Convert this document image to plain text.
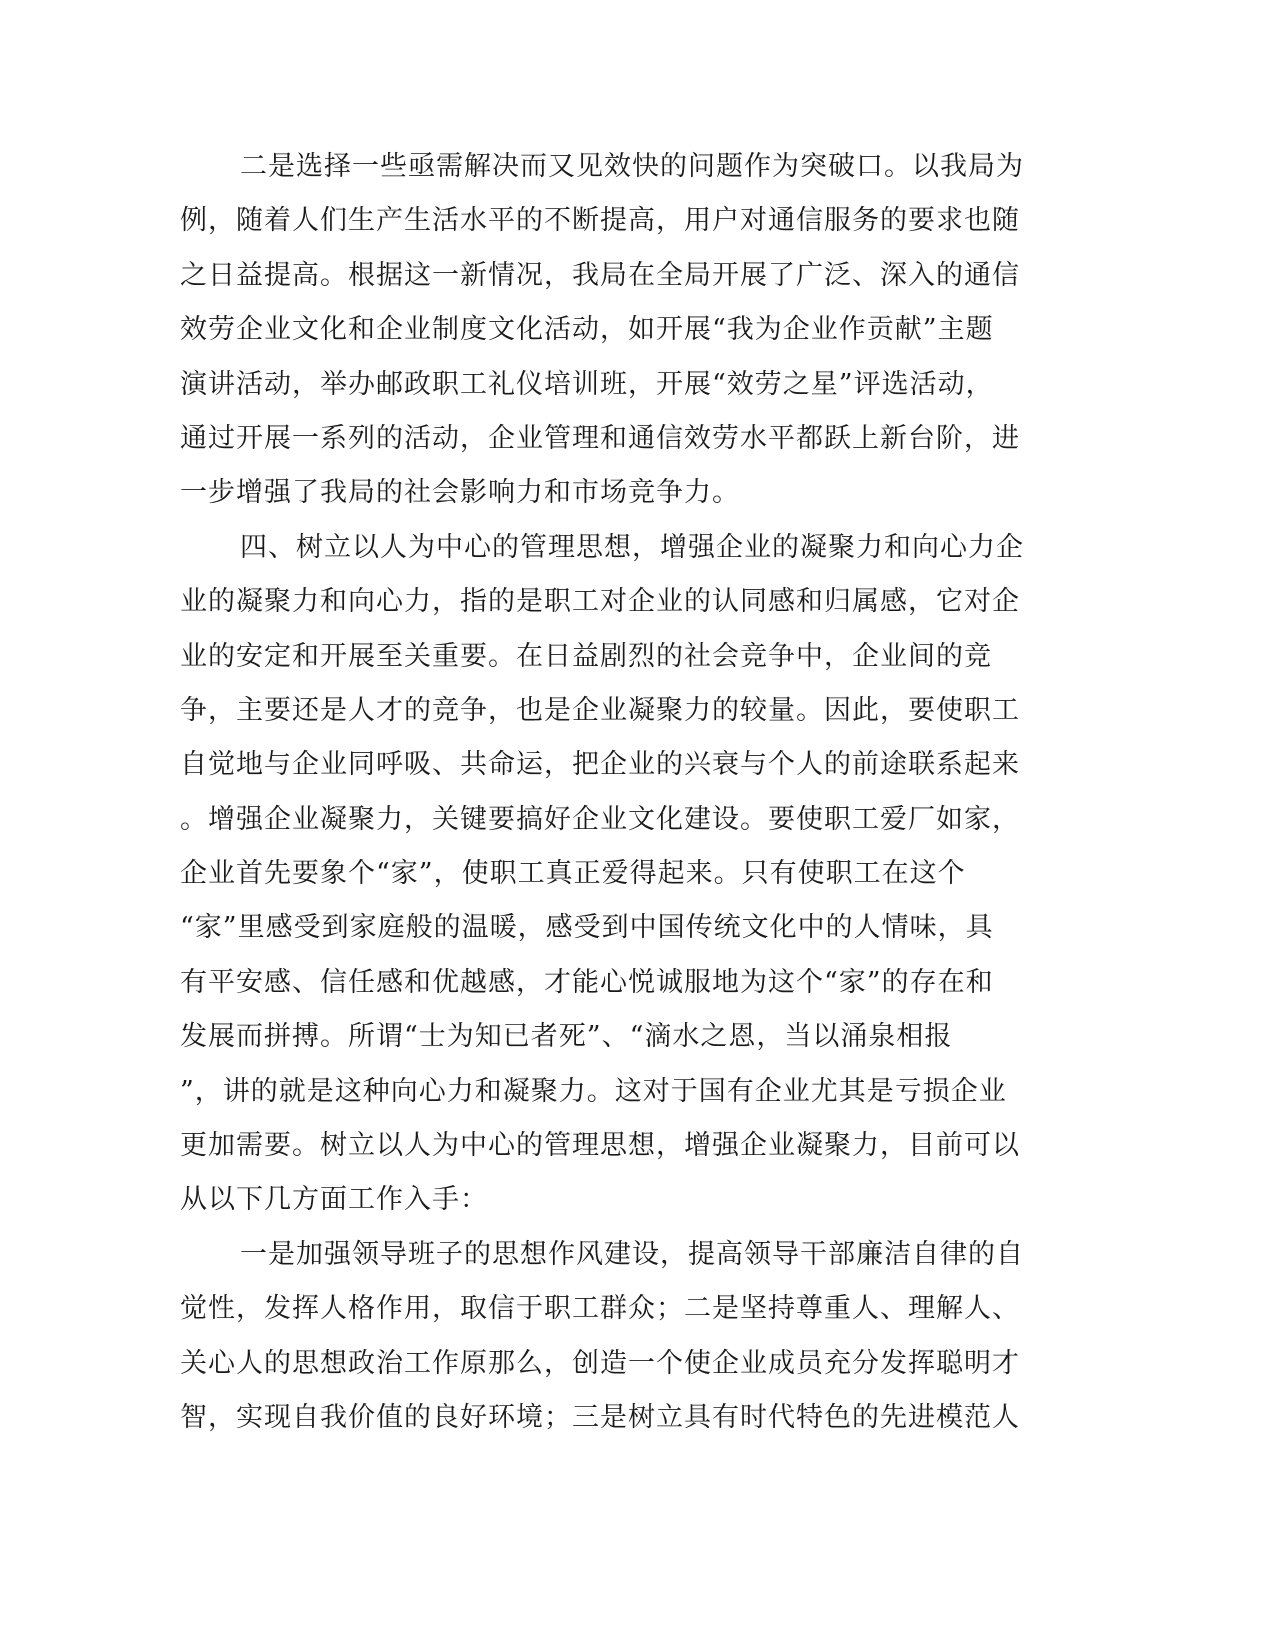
二是选择一些亟需解决而又见效快的问题作为突破口。以我局为
例，随着人们生产生活水平的不断提高，用户对通信服务的要求也随
之日益提高。根据这一新情况，我局在全局开展了广泛、深入的通信
效劳企业文化和企业制度文化活动，如开展“我为企业作贡献”主题
演讲活动，举办邮政职工礼仪培训班，开展“效劳之星”评选活动，
通过开展一系列的活动，企业管理和通信效劳水平都跃上新台阶，进
一步增强了我局的社会影响力和市场竞争力。
四、树立以人为中心的管理思想，增强企业的凝聚力和向心力企
业的凝聚力和向心力，指的是职工对企业的认同感和归属感，它对企
业的安定和开展至关重要。在日益剧烈的社会竞争中，企业间的竞
争，主要还是人才的竞争，也是企业凝聚力的较量。因此，要使职工
自觉地与企业同呼吸、共命运，把企业的兴衰与个人的前途联系起来
。增强企业凝聚力，关键要搞好企业文化建设。要使职工爱厂如家，
企业首先要象个“家”，使职工真正爱得起来。只有使职工在这个
“家”里感受到家庭般的温暖，感受到中国传统文化中的人情味，具
有平安感、信任感和优越感，才能心悦诚服地为这个“家”的存在和
发展而拼搏。所谓“士为知已者死”、“滴水之恩，当以涌泉相报
”，讲的就是这种向心力和凝聚力。这对于国有企业尤其是亏损企业
更加需要。树立以人为中心的管理思想，增强企业凝聚力，目前可以
从以下几方面工作入手：
一是加强领导班子的思想作风建设，提高领导干部廉洁自律的自
觉性，发挥人格作用，取信于职工群众；二是坚持尊重人、理解人、
关心人的思想政治工作原那么，创造一个使企业成员充分发挥聪明才
智，实现自我价值的良好环境；三是树立具有时代特色的先进模范人
